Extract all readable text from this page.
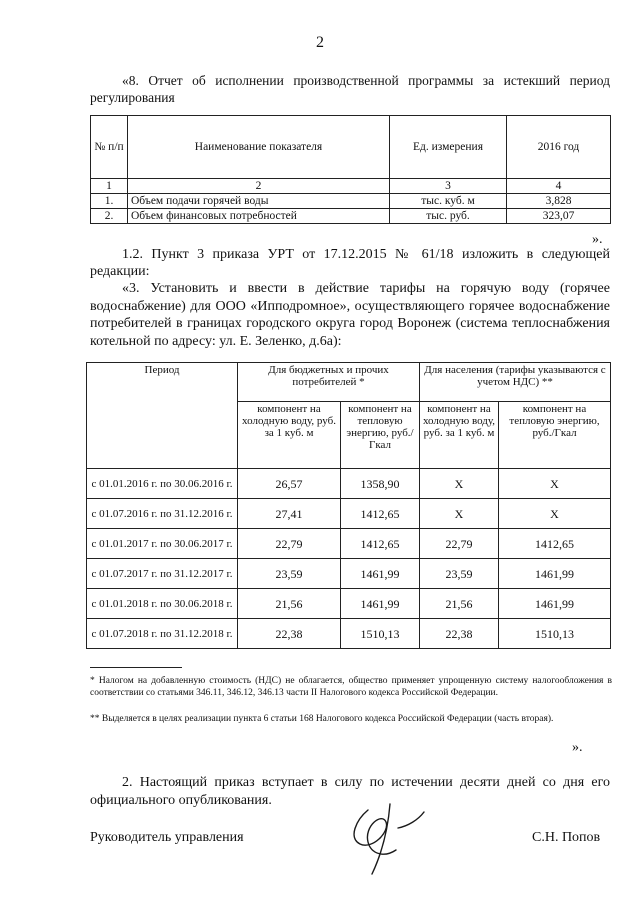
2
«8. Отчет об исполнении производственной программы за истекший период регулирования
№ п/п	Наименование показателя	Ед. измерения	2016 год
1	2	3	4
1.	Объем подачи горячей воды	тыс. куб. м	3,828
2.	Объем финансовых потребностей	тыс. руб.	323,07
».
1.2. Пункт 3 приказа УРТ от 17.12.2015 № 61/18 изложить в следующей редакции:
«3. Установить и ввести в действие тарифы на горячую воду (горячее водоснабжение) для ООО «Ипподромное», осуществляющего горячее водоснабжение потребителей в границах городского округа город Воронеж (система теплоснабжения котельной по адресу: ул. Е. Зеленко, д.6а):
Период	Для бюджетных и прочих потребителей *		Для населения (тарифы указываются с учетом НДС) **	
	компонент на холодную воду, руб. за 1 куб. м	компонент на тепловую энергию, руб./Гкал	компонент на холодную воду, руб. за 1 куб. м	компонент на тепловую энергию, руб./Гкал
с 01.01.2016 г. по 30.06.2016 г.	26,57	1358,90	Х	Х
с 01.07.2016 г. по 31.12.2016 г.	27,41	1412,65	Х	Х
с 01.01.2017 г. по 30.06.2017 г.	22,79	1412,65	22,79	1412,65
с 01.07.2017 г. по 31.12.2017 г.	23,59	1461,99	23,59	1461,99
с 01.01.2018 г. по 30.06.2018 г.	21,56	1461,99	21,56	1461,99
с 01.07.2018 г. по 31.12.2018 г.	22,38	1510,13	22,38	1510,13
* Налогом на добавленную стоимость (НДС) не облагается, общество применяет упрощенную систему налогообложения в соответствии со статьями 346.11, 346.12, 346.13 части II Налогового кодекса Российской Федерации.
** Выделяется в целях реализации пункта 6 статьи 168 Налогового кодекса Российской Федерации (часть вторая).
».
2. Настоящий приказ вступает в силу по истечении десяти дней со дня его официального опубликования.
Руководитель управления	С.Н. Попов
